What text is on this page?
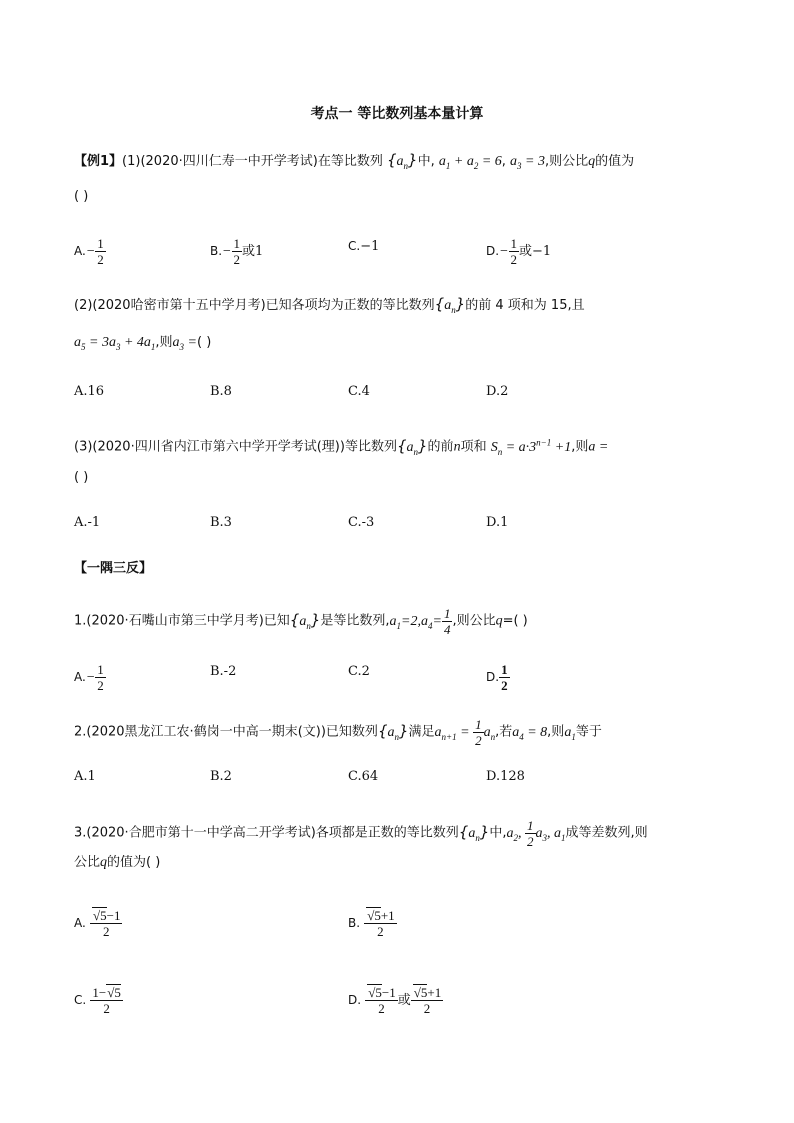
考点一 等比数列基本量计算
【例1】(1)(2020·四川仁寿一中开学考试)在等比数列 $\{a_n\}$中, $a_1 + a_2 = 6$, $a_3 = 3$,则公比q的值为
( )
$A.- \frac{1}{2}$	$B.- \frac{1}{2}$ 或1	C.−1	$D.- \frac{1}{2}$ 或−1
(2)(2020哈密市第十五中学月考)已知各项均为正数的等比数列$\{a_n\}$的前 4 项和为 15,且
$a_5 = 3a_3 + 4a_1$,则$a_3$ =( )
A.16	B.8	C.4	D.2
(3)(2020·四川省内江市第六中学开学考试(理))等比数列$\{a_n\}$的前n项和 $S_n = a\cdot 3^{n-1} +1$,则a =
( )
A.-1	B.3	C.-3	D.1
【一隅三反】
1.(2020·石嘴山市第三中学月考)已知$\{a_n\}$是等比数列$,a_1=2,a_4= \frac{1}{4}$ ,则公比q=( )
$A.- \frac{1}{2}$	B.-2	C.2	D. $\frac{1}{2}$
2.(2020黑龙江工农·鹤岗一中高一期末(文))已知数列$\{a_n\}$满足$a_{n+1} = \frac{1}{2} a_n$,若$a_4 = 8$,则$a_1$等于
A.1	B.2	C.64	D.128
3.(2020·合肥市第十一中学高二开学考试)各项都是正数的等比数列$\{a_n\}$中$,a_2$, $\frac{1}{2} a_3$, $a_1$成等差数列,则
公比q的值为( )
A. $\frac{√5-1}{2}$	B. $\frac{√5+1}{2}$
C. $\frac{1-√5}{2}$	D. $\frac{√5-1}{2}$ 或 $\frac{√5+1}{2}$
